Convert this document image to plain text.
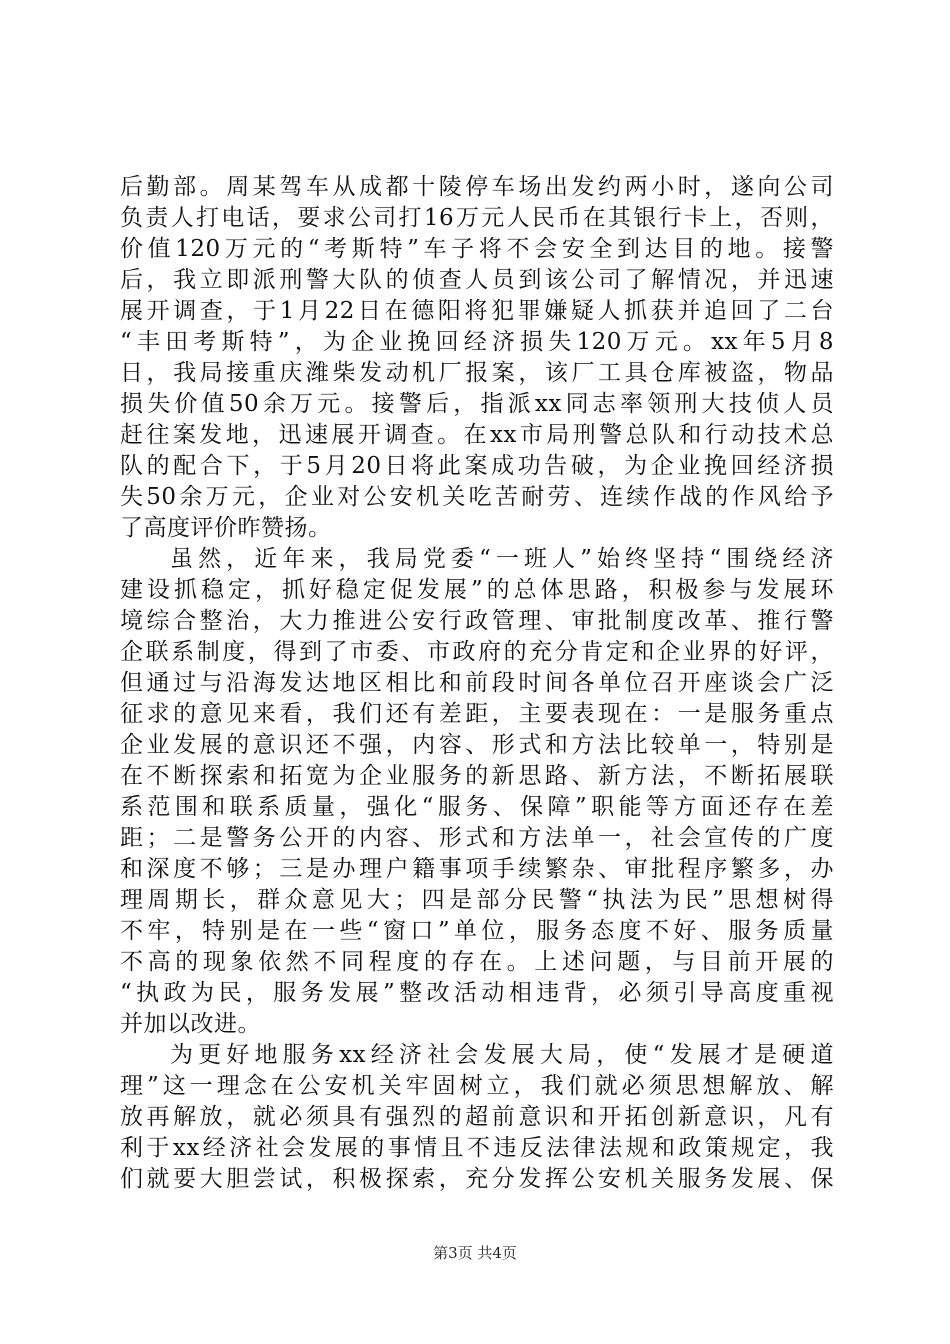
后勤部。周某驾车从成都十陵停车场出发约两小时，遂向公司
负责人打电话，要求公司打16万元人民币在其银行卡上，否则，
价值120万元的“考斯特”车子将不会安全到达目的地。接警
后，我立即派刑警大队的侦查人员到该公司了解情况，并迅速
展开调查，于1月22日在德阳将犯罪嫌疑人抓获并追回了二台
“丰田考斯特”，为企业挽回经济损失120万元。xx年5月8
日，我局接重庆潍柴发动机厂报案，该厂工具仓库被盗，物品
损失价值50余万元。接警后，指派xx同志率领刑大技侦人员
赶往案发地，迅速展开调查。在xx市局刑警总队和行动技术总
队的配合下，于5月20日将此案成功告破，为企业挽回经济损
失50余万元，企业对公安机关吃苦耐劳、连续作战的作风给予
了高度评价昨赞扬。
虽然，近年来，我局党委“一班人”始终坚持“围绕经济
建设抓稳定，抓好稳定促发展”的总体思路，积极参与发展环
境综合整治，大力推进公安行政管理、审批制度改革、推行警
企联系制度，得到了市委、市政府的充分肯定和企业界的好评，
但通过与沿海发达地区相比和前段时间各单位召开座谈会广泛
征求的意见来看，我们还有差距，主要表现在：一是服务重点
企业发展的意识还不强，内容、形式和方法比较单一，特别是
在不断探索和拓宽为企业服务的新思路、新方法，不断拓展联
系范围和联系质量，强化“服务、保障”职能等方面还存在差
距；二是警务公开的内容、形式和方法单一，社会宣传的广度
和深度不够；三是办理户籍事项手续繁杂、审批程序繁多，办
理周期长，群众意见大；四是部分民警“执法为民”思想树得
不牢，特别是在一些“窗口”单位，服务态度不好、服务质量
不高的现象依然不同程度的存在。上述问题，与目前开展的
“执政为民，服务发展”整改活动相违背，必须引导高度重视
并加以改进。
为更好地服务xx经济社会发展大局，使“发展才是硬道
理”这一理念在公安机关牢固树立，我们就必须思想解放、解
放再解放，就必须具有强烈的超前意识和开拓创新意识，凡有
利于xx经济社会发展的事情且不违反法律法规和政策规定，我
们就要大胆尝试，积极探索，充分发挥公安机关服务发展、保
第3页 共4页
